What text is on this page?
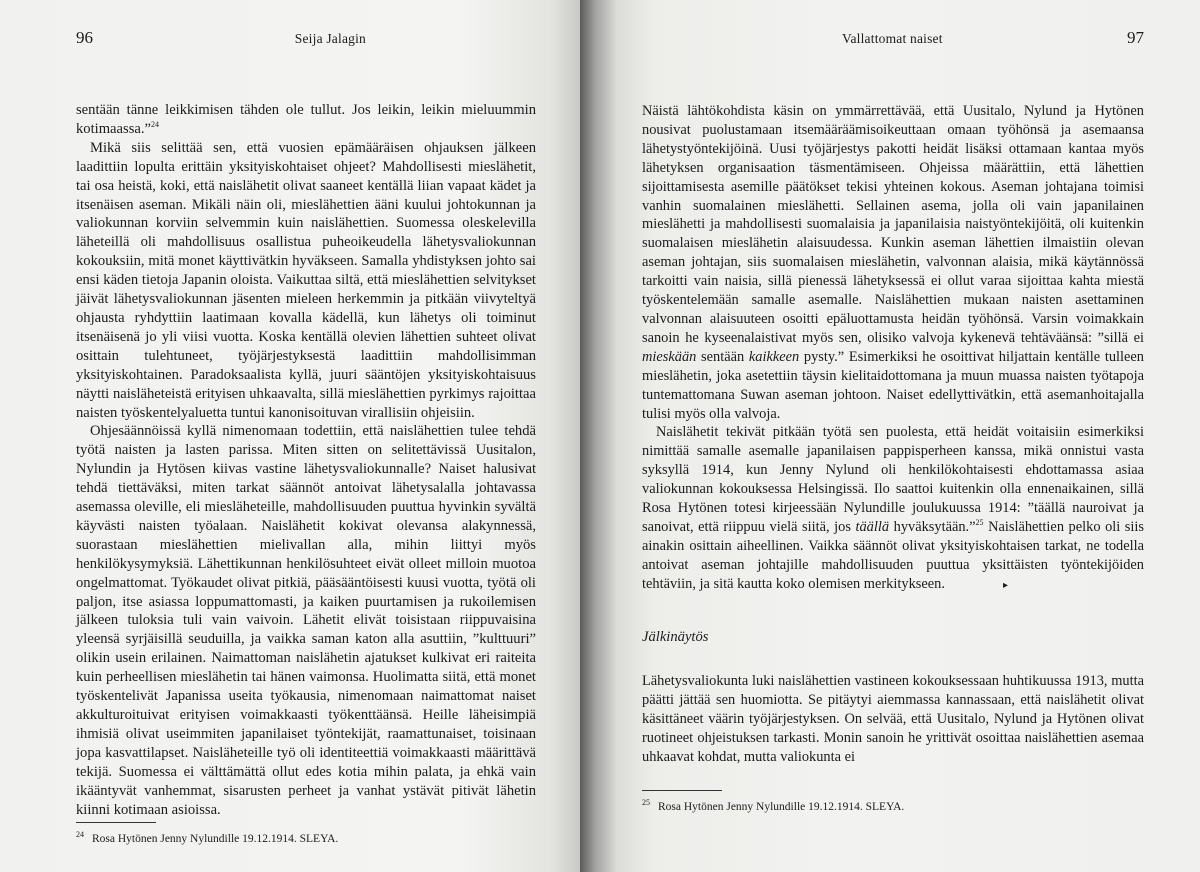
96	Seija Jalagin

sentään tänne leikkimisen tähden ole tullut. Jos leikin, leikin mieluummin kotimaassa.”$^{24}$

Mikä siis selittää sen, että vuosien epämääräisen ohjauksen jälkeen laadittiin lopulta erittäin yksityiskohtaiset ohjeet? Mahdollisesti mieslähetit, tai osa heistä, koki, että naislähetit olivat saaneet kentällä liian vapaat kädet ja itsenäisen aseman. Mikäli näin oli, mieslähettien ääni kuului johtokunnan ja valiokunnan korviin selvemmin kuin naislähettien. Suomessa oleskelevilla läheteillä oli mahdollisuus osallistua puheoikeudella lähetysvaliokunnan kokouksiin, mitä monet käyttivätkin hyväkseen. Samalla yhdistyksen johto sai ensi käden tietoja Japanin oloista. Vaikuttaa siltä, että mieslähettien selvitykset jäivät lähetysvaliokunnan jäsenten mieleen herkemmin ja pitkään viivyteltyä ohjausta ryhdyttiin laatimaan kovalla kädellä, kun lähetys oli toiminut itsenäisenä jo yli viisi vuotta. Koska kentällä olevien lähettien suhteet olivat osittain tulehtuneet, työjärjestyksestä laadittiin mahdollisimman yksityiskohtainen. Paradoksaalista kyllä, juuri sääntöjen yksityiskohtaisuus näytti naisläheteistä erityisen uhkaavalta, sillä mieslähettien pyrkimys rajoittaa naisten työskentelyaluetta tuntui kanonisoituvan virallisiin ohjeisiin.

Ohjesäännöissä kyllä nimenomaan todettiin, että naislähettien tulee tehdä työtä naisten ja lasten parissa. Miten sitten on selitettävissä Uusitalon, Nylundin ja Hytösen kiivas vastine lähetysvaliokunnalle? Naiset halusivat tehdä tiettäväksi, miten tarkat säännöt antoivat lähetysalalla johtavassa asemassa oleville, eli miesläheteille, mahdollisuuden puuttua hyvinkin syvältä käyvästi naisten työalaan. Naislähetit kokivat olevansa alakynnessä, suorastaan mieslähettien mielivallan alla, mihin liittyi myös henkilökysymyksiä. Lähettikunnan henkilösuhteet eivät olleet milloin muotoa ongelmattomat. Työkaudet olivat pitkiä, pääsääntöisesti kuusi vuotta, työtä oli paljon, itse asiassa loppumattomasti, ja kaiken puurtamisen ja rukoilemisen jälkeen tuloksia tuli vain vaivoin. Lähetit elivät toisistaan riippuvaisina yleensä syrjäisillä seuduilla, ja vaikka saman katon alla asuttiin, ”kulttuuri” olikin usein erilainen. Naimattoman naislähetin ajatukset kulkivat eri raiteita kuin perheellisen mieslähetin tai hänen vaimonsa. Huolimatta siitä, että monet työskentelivät Japanissa useita työkausia, nimenomaan naimattomat naiset akkulturoituivat erityisen voimakkaasti työkenttäänsä. Heille läheisimpiä ihmisiä olivat useimmiten japanilaiset työntekijät, raamattunaiset, toisinaan jopa kasvattilapset. Naisläheteille työ oli identiteettiä voimakkaasti määrittävä tekijä. Suomessa ei välttämättä ollut edes kotia mihin palata, ja ehkä vain ikääntyvät vanhemmat, sisarusten perheet ja vanhat ystävät pitivät lähetin kiinni kotimaan asioissa.

$^{24}$ Rosa Hytönen Jenny Nylundille 19.12.1914. SLEYA.
Vallattomat naiset	97

Näistä lähtökohdista käsin on ymmärrettävää, että Uusitalo, Nylund ja Hytönen nousivat puolustamaan itsemääräämisoikeuttaan omaan työhönsä ja asemaansa lähetystyöntekijöinä. Uusi työjärjestys pakotti heidät lisäksi ottamaan kantaa myös lähetyksen organisaation täsmentämiseen. Ohjeissa määrättiin, että lähettien sijoittamisesta asemille päätökset tekisi yhteinen kokous. Aseman johtajana toimisi vanhin suomalainen mieslähetti. Sellainen asema, jolla oli vain japanilainen mieslähetti ja mahdollisesti suomalaisia ja japanilaisia naistyöntekijöitä, oli kuitenkin suomalaisen mieslähetin alaisuudessa. Kunkin aseman lähettien ilmaistiin olevan aseman johtajan, siis suomalaisen mieslähetin, valvonnan alaisia, mikä käytännössä tarkoitti vain naisia, sillä pienessä lähetyksessä ei ollut varaa sijoittaa kahta miestä työskentelemään samalle asemalle. Naislähettien mukaan naisten asettaminen valvonnan alaisuuteen osoitti epäluottamusta heidän työhönsä. Varsin voimakkain sanoin he kyseenalaistivat myös sen, olisiko valvoja kykenevä tehtäväänsä: ”sillä ei mieskään sentään kaikkeen pysty.” Esimerkiksi he osoittivat hiljattain kentälle tulleen mieslähetin, joka asetettiin täysin kielitaidottomana ja muun muassa naisten työtapoja tuntemattomana Suwan aseman johtoon. Naiset edellyttivätkin, että asemanhoitajalla tulisi myös olla valvoja.

Naislähetit tekivät pitkään työtä sen puolesta, että heidät voitaisiin esimerkiksi nimittää samalle asemalle japanilaisen pappisperheen kanssa, mikä onnistui vasta syksyllä 1914, kun Jenny Nylund oli henkilökohtaisesti ehdottamassa asiaa valiokunnan kokouksessa Helsingissä. Ilo saattoi kuitenkin olla ennenaikainen, sillä Rosa Hytönen totesi kirjeessään Nylundille joulukuussa 1914: ”täällä nauroivat ja sanoivat, että riippuu vielä siitä, jos täällä hyväksytään.”$^{25}$ Naislähettien pelko oli siis ainakin osittain aiheellinen. Vaikka säännöt olivat yksityiskohtaisen tarkat, ne todella antoivat aseman johtajille mahdollisuuden puuttua yksittäisten työntekijöiden tehtäviin, ja sitä kautta koko olemisen merkitykseen.	▸

Jälkinäytös

Lähetysvaliokunta luki naislähettien vastineen kokouksessaan huhtikuussa 1913, mutta päätti jättää sen huomiotta. Se pitäytyi aiemmassa kannassaan, että naislähetit olivat käsittäneet väärin työjärjestyksen. On selvää, että Uusitalo, Nylund ja Hytönen olivat ruotineet ohjeistuksen tarkasti. Monin sanoin he yrittivät osoittaa naislähettien asemaa uhkaavat kohdat, mutta valiokunta ei

$^{25}$ Rosa Hytönen Jenny Nylundille 19.12.1914. SLEYA.
